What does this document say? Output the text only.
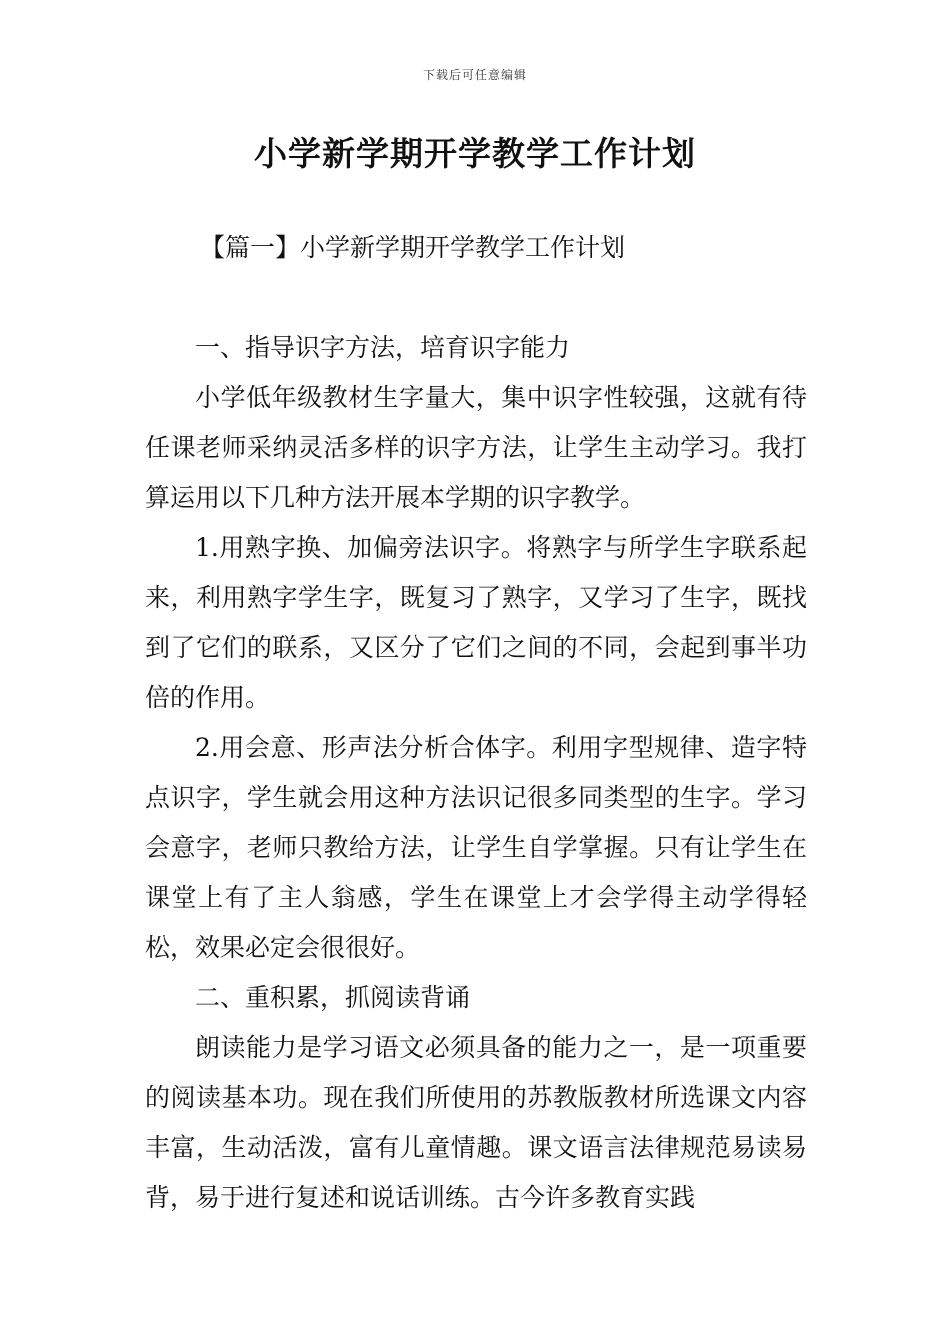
下载后可任意编辑
小学新学期开学教学工作计划
【篇一】小学新学期开学教学工作计划

一、指导识字方法，培育识字能力

小学低年级教材生字量大，集中识字性较强，这就有待任课老师采纳灵活多样的识字方法，让学生主动学习。我打算运用以下几种方法开展本学期的识字教学。

1.用熟字换、加偏旁法识字。将熟字与所学生字联系起来，利用熟字学生字，既复习了熟字，又学习了生字，既找到了它们的联系，又区分了它们之间的不同，会起到事半功倍的作用。

2.用会意、形声法分析合体字。利用字型规律、造字特点识字，学生就会用这种方法识记很多同类型的生字。学习会意字，老师只教给方法，让学生自学掌握。只有让学生在课堂上有了主人翁感，学生在课堂上才会学得主动学得轻松，效果必定会很很好。

二、重积累，抓阅读背诵

朗读能力是学习语文必须具备的能力之一，是一项重要的阅读基本功。现在我们所使用的苏教版教材所选课文内容丰富，生动活泼，富有儿童情趣。课文语言法律规范易读易背，易于进行复述和说话训练。古今许多教育实践
